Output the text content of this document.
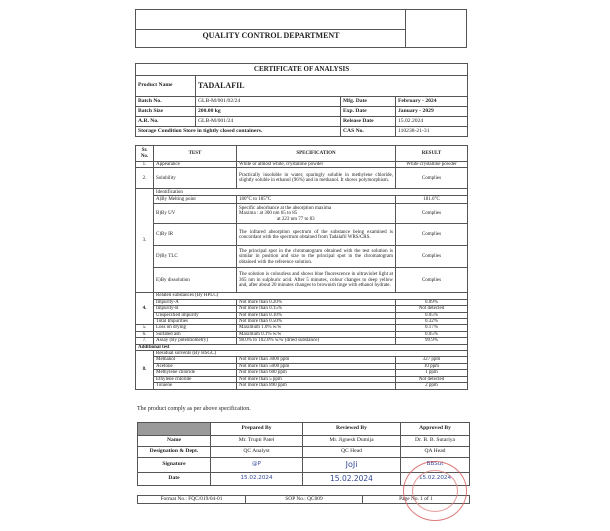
QUALITY CONTROL DEPARTMENT
CERTIFICATE OF ANALYSIS			
Product Name	TADALAFIL		
Batch No.	GLB-M/001/02/24	Mfg. Date	February - 2024
Batch Size	200.00 kg	Exp. Date	January - 2029
A.R. No.	GLB-M/001/24	Release Date	15.02.2024
Storage Condition Store in tightly closed containers.		CAS No.	110238-21-31
Sr. No.	TEST	SPECIFICATION	RESULT
1.	Appearance	White or almost white, crystalline powder	White crystalline powder
2.	Solubility	Practically insoluble in water, sparingly soluble in methylene chloride, slightly soluble in ethanol (96%) and in methanol. It shows polymorphism.	Complies
3.	Identification		
	A)By Melting point	180°C to 185°C	181.6°C
	B)By UV	Specific absorbance at the absorption maxima
Maxima : at 300 nm 65 to 85
at 223 nm 77 to 83	Complies
	C)By IR	The infrared absorption spectrum of the substance being examined is concordant with the spectrum obtained from Tadalafil WRS/CRS.	Complies
	D)By TLC	The principal spot in the chromatogram obtained with the test solution is similar in position and size to the principal spot in the chromatogram obtained with the reference solution.	Complies
	E)By dissolution	The solution is colourless and shows blue fluorescence in ultraviolet light at 365 nm in sulphuric acid. After 5 minutes, colour changes to deep yellow and, after about 20 minutes changes to brownish tinge with ethanol hydrate.	Complies
4.	Related substances (By HPLC)		
	Impurity-A	Not more than 0.20%	0.09%
	Impurity-B	Not more than 0.15%	Not detected
	Unspecified impurity	Not more than 0.10%	0.05%
	Total Impurities	Not more than 0.50%	0.32%
5.	Loss on drying	Maximum 1.0% w/w	0.17%
6.	Sulfated ash	Maximum 0.1% w/w	0.05%
7.	Assay (By potentiometry)	98.0% to 102.0% w/w (dried substance)	99.9%
Additional test			
8.	Residual solvents (By HSGC)		
	Methanol	Not more than 3000 ppm	327 ppm
	Acetone	Not more than 5000 ppm	10 ppm
	Methylene chloride	Not more than 600 ppm	1 ppm
	Ethylene chloride	Not more than 5 ppm	Not detected
	Toluene	Not more than 890 ppm	2 ppm
The product comply as per above specification.
	Prepared By	Reviewed By	Approved By
Name	Mr. Trupti Patel	Mr. Jignesh Dumija	Dr. B. B. Sutariya
Designation & Dept.	QC Analyst	QC Head	QA Head
Signature	@P	JoJi	BBSut
Date	15.02.2024	15.02.2024	15.02.2024
Format No.: FQC/019/04-01	SOP No.: QC009	Page No. 1 of 1
